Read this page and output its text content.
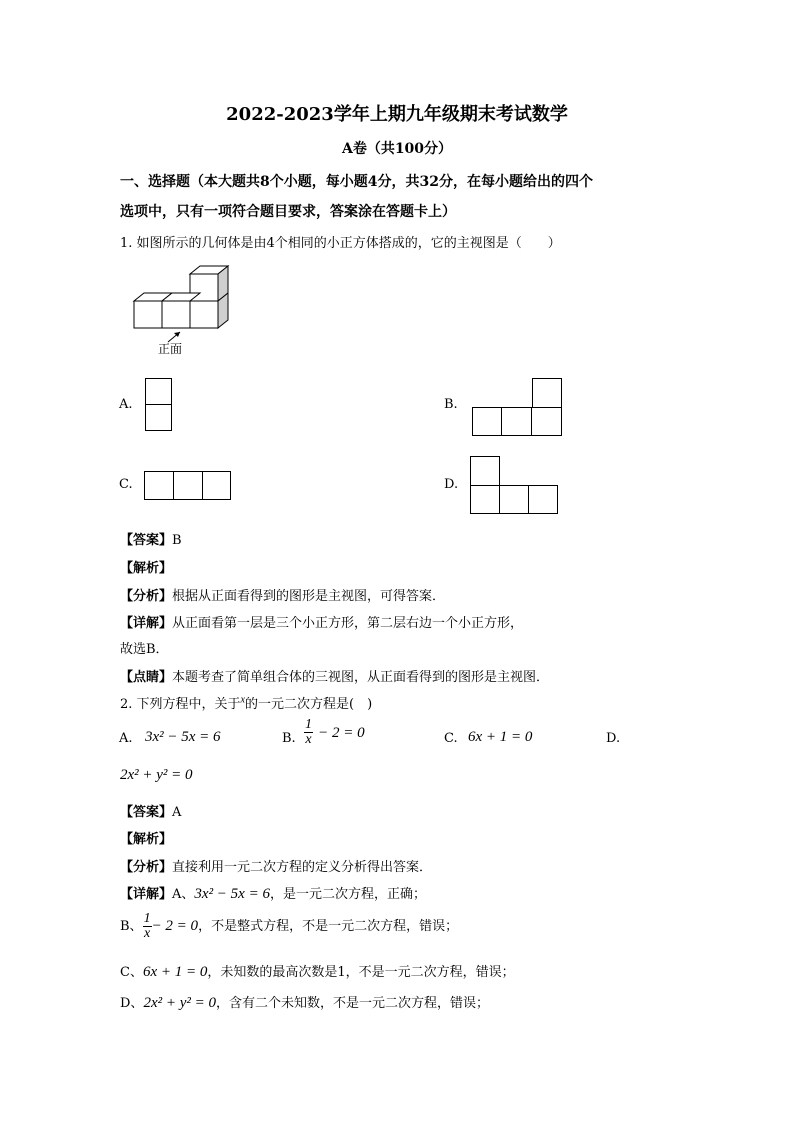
2022-2023学年上期九年级期末考试数学
A卷（共100分）
一、选择题（本大题共8个小题，每小题4分，共32分，在每小题给出的四个
选项中，只有一项符合题目要求，答案涂在答题卡上）
1. 如图所示的几何体是由4个相同的小正方体搭成的，它的主视图是（　　）
正面
A.	B.
C.	D.
【答案】B
【解析】
【分析】根据从正面看得到的图形是主视图，可得答案．
【详解】从正面看第一层是三个小正方形，第二层右边一个小正方形，
故选B．
【点睛】本题考查了简单组合体的三视图，从正面看得到的图形是主视图．
2. 下列方程中，关于$^x$的一元二次方程是(　)
A. 3x² − 5x = 6	B. $\frac{1}{x} - 2 = 0$	C. 6x + 1 = 0	D.
2x² + y² = 0
【答案】A
【解析】
【分析】直接利用一元二次方程的定义分析得出答案．
【详解】A、3x² − 5x = 6，是一元二次方程，正确；
B、 $\frac{1}{x} - 2 = 0$，不是整式方程，不是一元二次方程，错误；
C、6x + 1 = 0，未知数的最高次数是1，不是一元二次方程，错误；
D、2x² + y² = 0，含有二个未知数，不是一元二次方程，错误；
